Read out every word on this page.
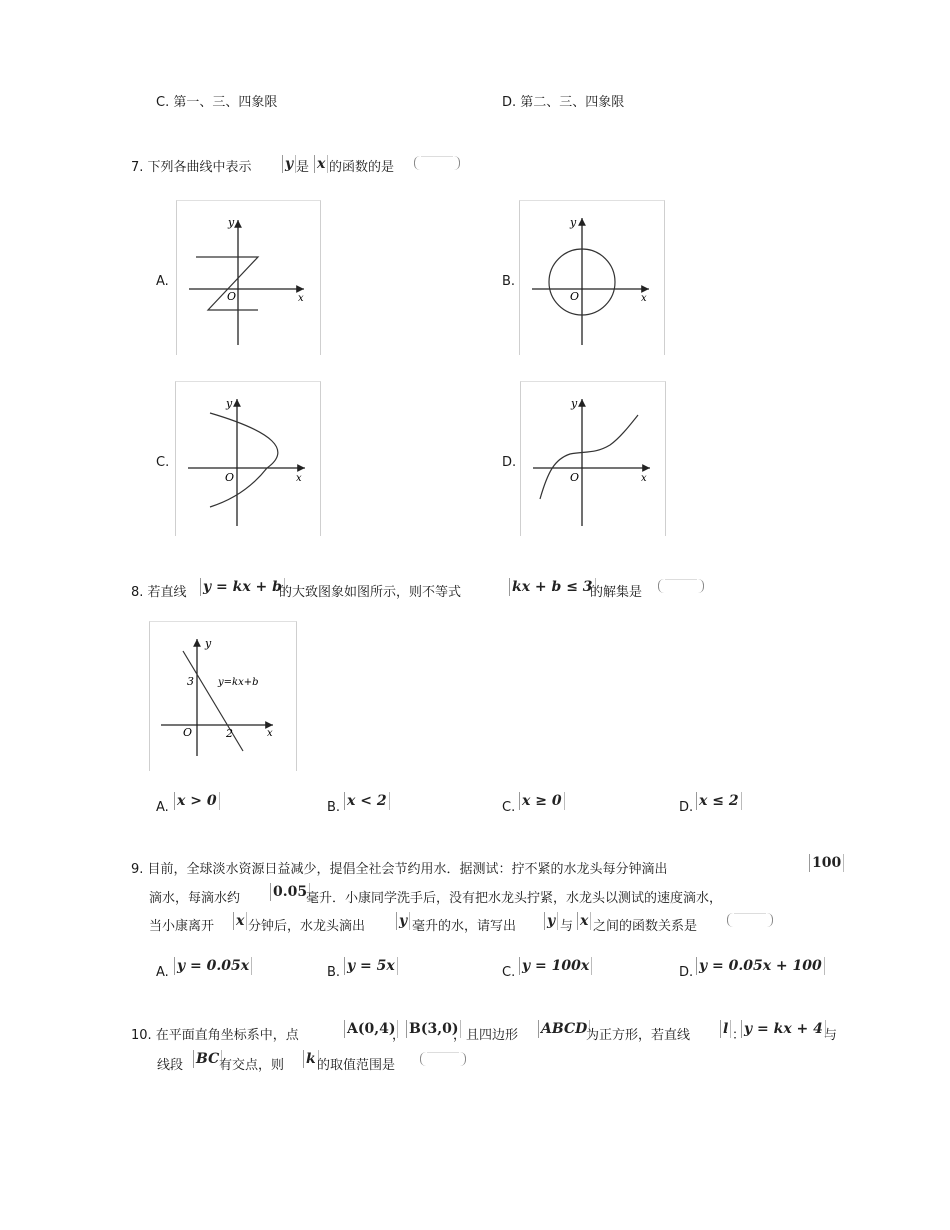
C. 第一、三、四象限	D. 第二、三、四象限
7. 下列各曲线中表示 y 是 x 的函数的是
A.
y
x
O
B.
y
x
O
C.
y
x
O
D.
y
x
O
8. 若直线 y = kx + b
的大致图象如图所示，则不等式	kx + b ≤ 3
的解集是
y
x
O
3
2
y=kx+b
A. x > 0	B. x < 2	C. x ≥ 0	D. x ≤ 2
9. 目前，全球淡水资源日益减少，提倡全社会节约用水．据测试：拧不紧的水龙头每分钟滴出	100
滴水，每滴水约 0.05
毫升．小康同学洗手后，没有把水龙头拧紧，水龙头以测试的速度滴水，
当小康离开 x 分钟后，水龙头滴出 y 毫升的水，请写出 y 与 x 之间的函数关系是
A. y = 0.05x	B. y = 5x	C. y = 100x	D. y = 0.05x + 100
10. 在平面直角坐标系中，点	A(0,4)
， B(3,0)
，且四边形 ABCD
为正方形，若直线 l ：
y = kx + 4 与
线段 BC 有交点，则 k 的取值范围是
